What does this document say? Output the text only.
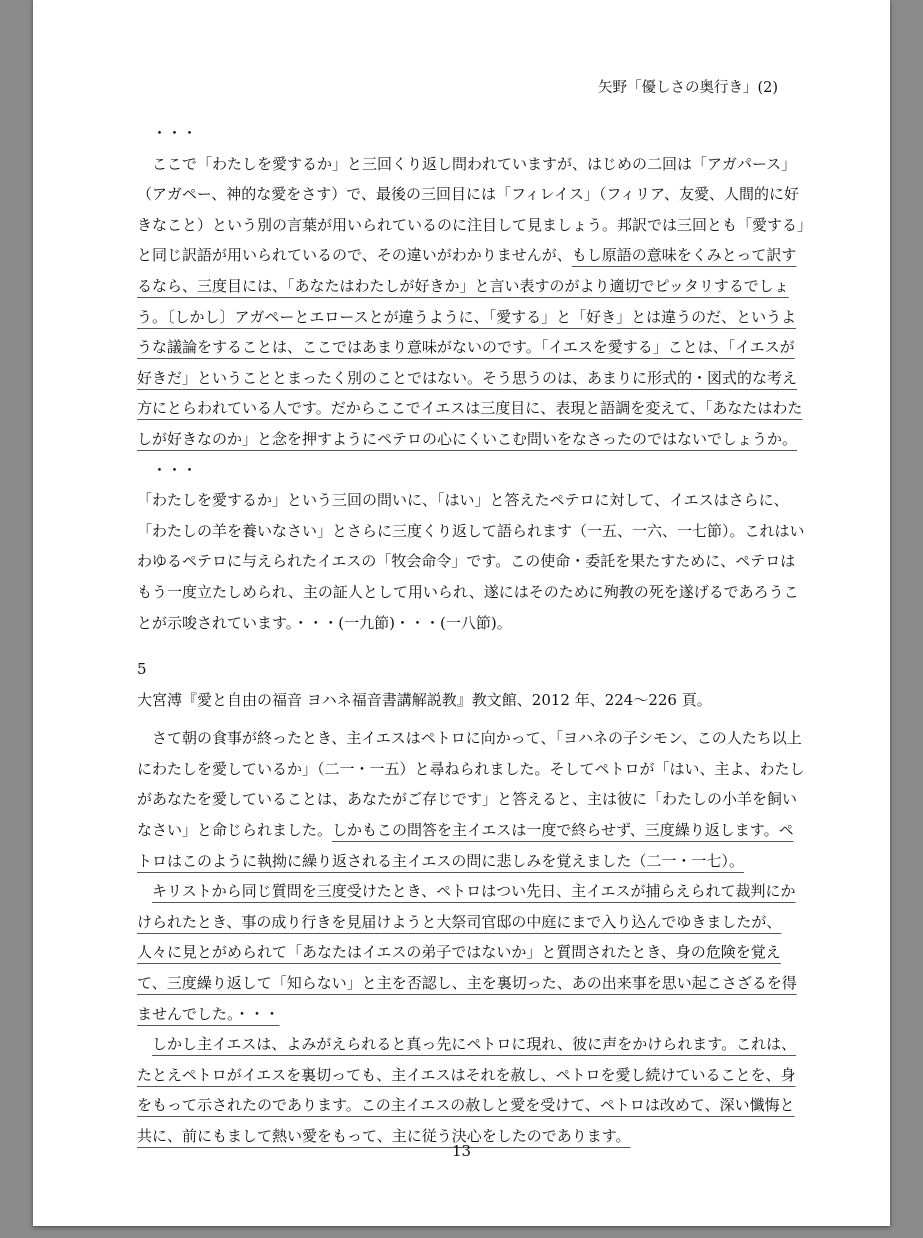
矢野「優しさの奥行き」(2)

・・・

ここで「わたしを愛するか」と三回くり返し問われていますが、はじめの二回は「アガパース」（アガペー、神的な愛をさす）で、最後の三回目には「フィレイス」（フィリア、友愛、人間的に好きなこと）という別の言葉が用いられているのに注目して見ましょう。邦訳では三回とも「愛する」と同じ訳語が用いられているので、その違いがわかりませんが、もし原語の意味をくみとって訳するなら、三度目には、「あなたはわたしが好きか」と言い表すのがより適切でピッタリするでしょう。〔しかし〕アガペーとエロースとが違うように、「愛する」と「好き」とは違うのだ、というような議論をすることは、ここではあまり意味がないのです。「イエスを愛する」ことは、「イエスが好きだ」ということとまったく別のことではない。そう思うのは、あまりに形式的・図式的な考え方にとらわれている人です。だからここでイエスは三度目に、表現と語調を変えて、「あなたはわたしが好きなのか」と念を押すようにペテロの心にくいこむ問いをなさったのではないでしょうか。

・・・

「わたしを愛するか」という三回の問いに、「はい」と答えたペテロに対して、イエスはさらに、「わたしの羊を養いなさい」とさらに三度くり返して語られます（一五、一六、一七節）。これはいわゆるペテロに与えられたイエスの「牧会命令」です。この使命・委託を果たすために、ペテロはもう一度立たしめられ、主の証人として用いられ、遂にはそのために殉教の死を遂げるであろうことが示唆されています。・・・(一九節)・・・(一八節)。

5

大宮溥『愛と自由の福音 ヨハネ福音書講解説教』教文館、2012 年、224〜226 頁。

さて朝の食事が終ったとき、主イエスはペトロに向かって、「ヨハネの子シモン、この人たち以上にわたしを愛しているか」（二一・一五）と尋ねられました。そしてペトロが「はい、主よ、わたしがあなたを愛していることは、あなたがご存じです」と答えると、主は彼に「わたしの小羊を飼いなさい」と命じられました。しかもこの問答を主イエスは一度で終らせず、三度繰り返します。ペトロはこのように執拗に繰り返される主イエスの問に悲しみを覚えました（二一・一七）。

キリストから同じ質問を三度受けたとき、ペトロはつい先日、主イエスが捕らえられて裁判にかけられたとき、事の成り行きを見届けようと大祭司官邸の中庭にまで入り込んでゆきましたが、人々に見とがめられて「あなたはイエスの弟子ではないか」と質問されたとき、身の危険を覚えて、三度繰り返して「知らない」と主を否認し、主を裏切った、あの出来事を思い起こさざるを得ませんでした。・・・

しかし主イエスは、よみがえられると真っ先にペトロに現れ、彼に声をかけられます。これは、たとえペトロがイエスを裏切っても、主イエスはそれを赦し、ペトロを愛し続けていることを、身をもって示されたのであります。この主イエスの赦しと愛を受けて、ペトロは改めて、深い懺悔と共に、前にもまして熱い愛をもって、主に従う決心をしたのであります。

13
